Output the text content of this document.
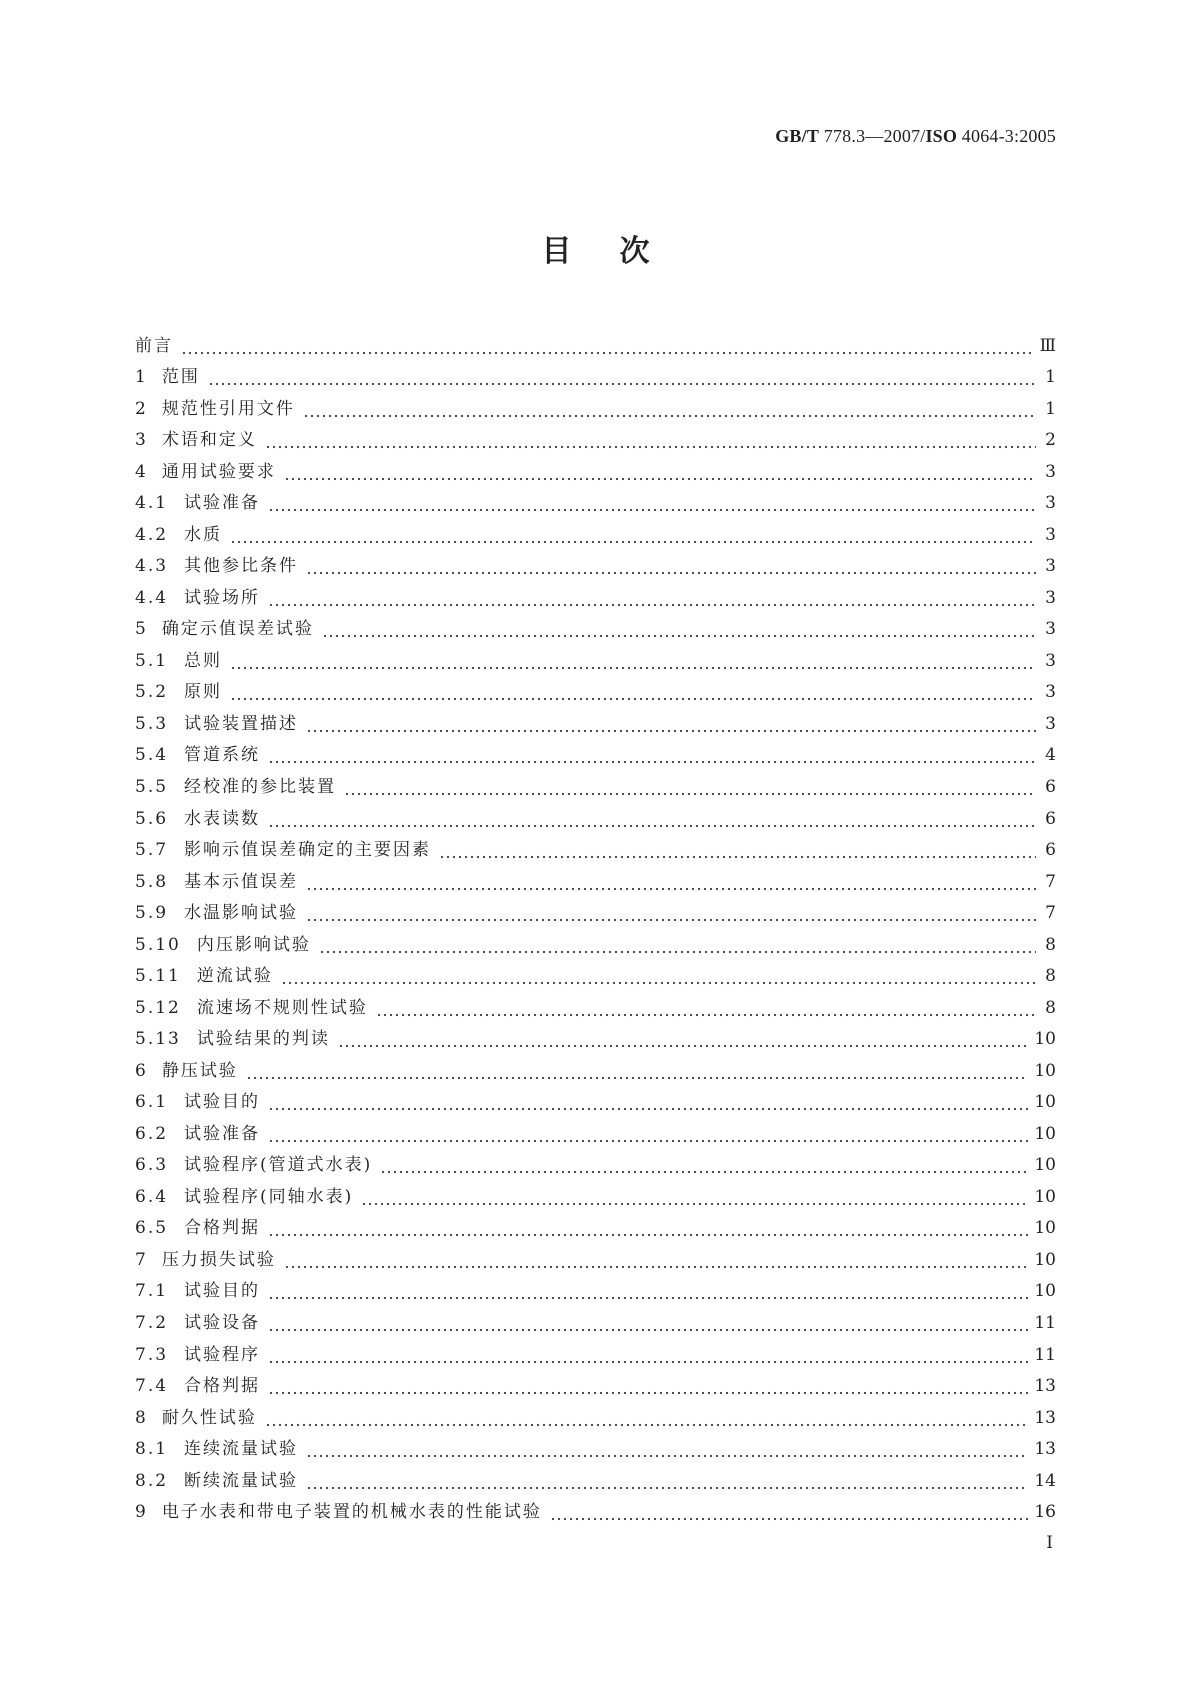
GB/T 778.3—2007/ISO 4064-3:2005
目次
前言	Ⅲ
1 范围	1
2 规范性引用文件	1
3 术语和定义	2
4 通用试验要求	3
4.1 试验准备	3
4.2 水质	3
4.3 其他参比条件	3
4.4 试验场所	3
5 确定示值误差试验	3
5.1 总则	3
5.2 原则	3
5.3 试验装置描述	3
5.4 管道系统	4
5.5 经校准的参比装置	6
5.6 水表读数	6
5.7 影响示值误差确定的主要因素	6
5.8 基本示值误差	7
5.9 水温影响试验	7
5.10 内压影响试验	8
5.11 逆流试验	8
5.12 流速场不规则性试验	8
5.13 试验结果的判读	10
6 静压试验	10
6.1 试验目的	10
6.2 试验准备	10
6.3 试验程序(管道式水表)	10
6.4 试验程序(同轴水表)	10
6.5 合格判据	10
7 压力损失试验	10
7.1 试验目的	10
7.2 试验设备	11
7.3 试验程序	11
7.4 合格判据	13
8 耐久性试验	13
8.1 连续流量试验	13
8.2 断续流量试验	14
9 电子水表和带电子装置的机械水表的性能试验	16
I
